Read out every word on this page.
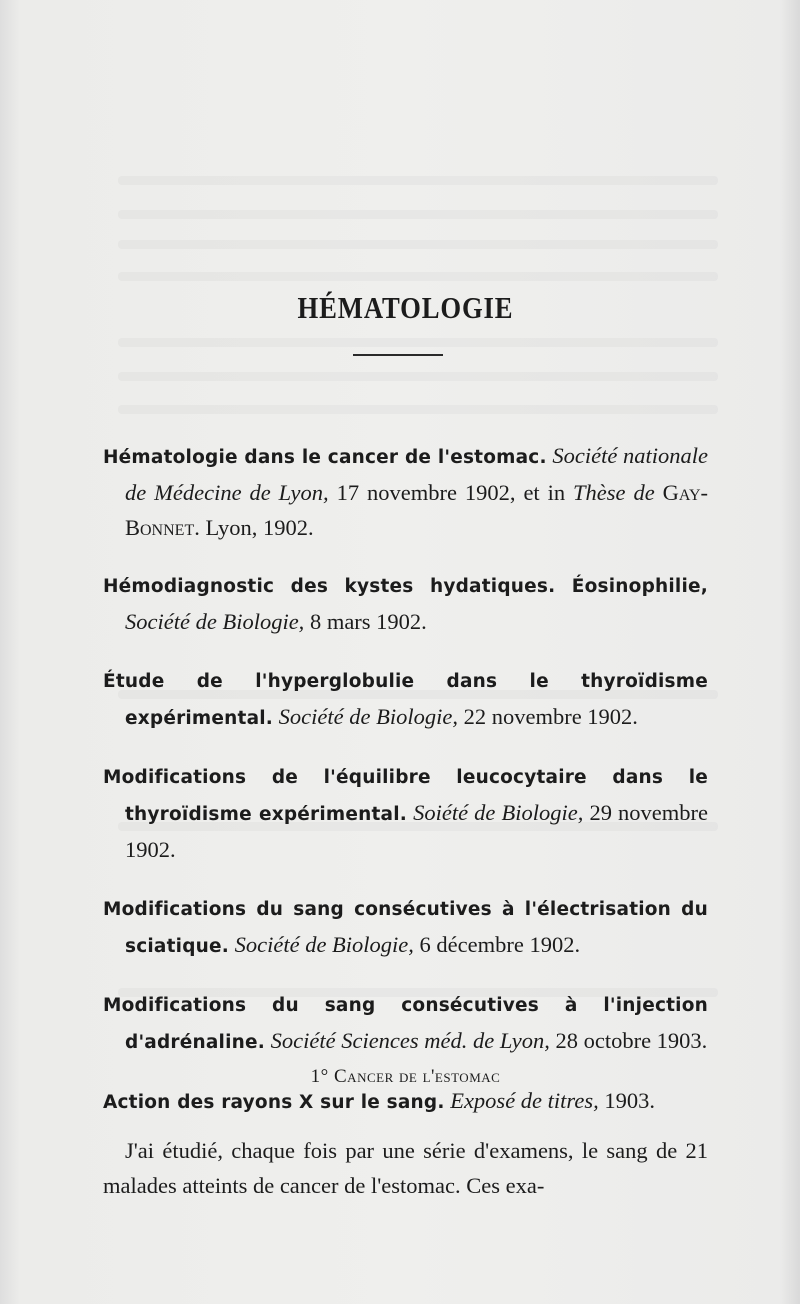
HÉMATOLOGIE

Hématologie dans le cancer de l'estomac. Société nationale de Médecine de Lyon, 17 novembre 1902, et in Thèse de Gay-Bonnet. Lyon, 1902.

Hémodiagnostic des kystes hydatiques. Éosinophilie, Société de Biologie, 8 mars 1902.

Étude de l'hyperglobulie dans le thyroïdisme expérimental. Société de Biologie, 22 novembre 1902.

Modifications de l'équilibre leucocytaire dans le thyroïdisme expérimental. Soiété de Biologie, 29 novembre 1902.

Modifications du sang consécutives à l'électrisation du sciatique. Société de Biologie, 6 décembre 1902.

Modifications du sang consécutives à l'injection d'adrénaline. Société Sciences méd. de Lyon, 28 octobre 1903.

Action des rayons X sur le sang. Exposé de titres, 1903.

1° Cancer de l'estomac

J'ai étudié, chaque fois par une série d'examens, le sang de 21 malades atteints de cancer de l'estomac. Ces exa-
